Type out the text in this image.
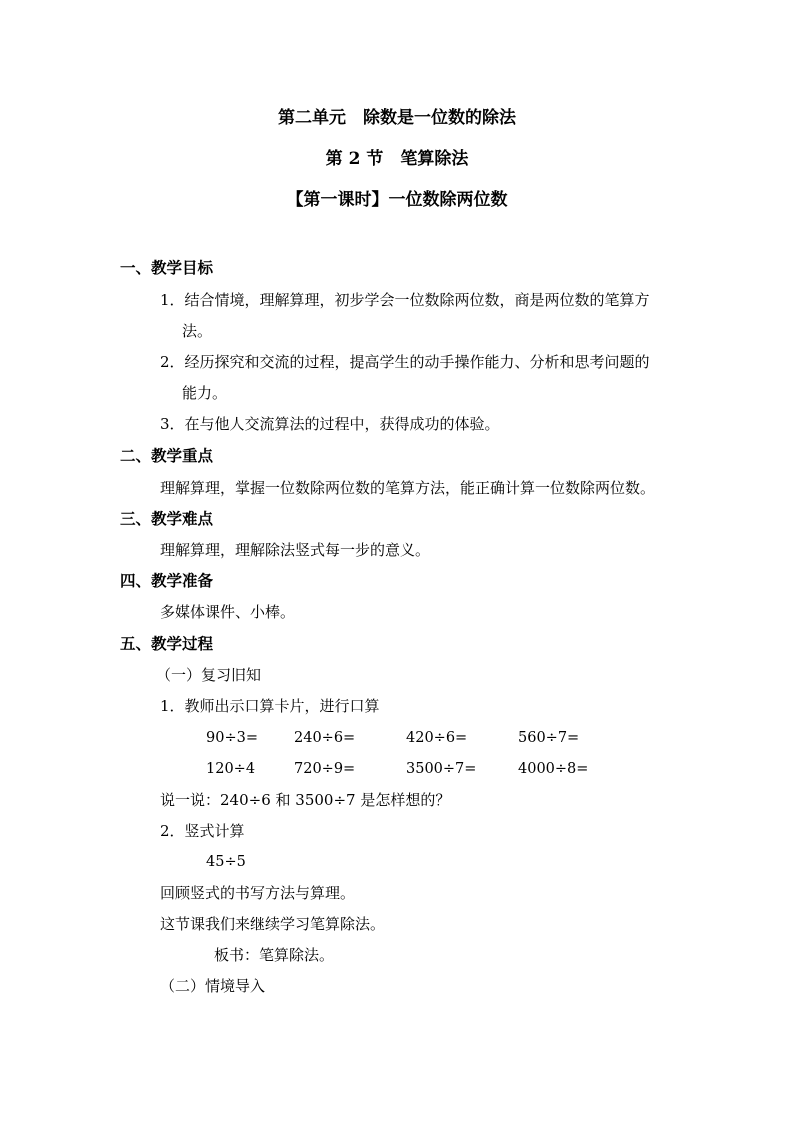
第二单元　除数是一位数的除法
第 2 节　笔算除法
【第一课时】一位数除两位数
一、教学目标
1．结合情境，理解算理，初步学会一位数除两位数，商是两位数的笔算方
法。
2．经历探究和交流的过程，提高学生的动手操作能力、分析和思考问题的
能力。
3．在与他人交流算法的过程中，获得成功的体验。
二、教学重点
理解算理，掌握一位数除两位数的笔算方法，能正确计算一位数除两位数。
三、教学难点
理解算理，理解除法竖式每一步的意义。
四、教学准备
多媒体课件、小棒。
五、教学过程
（一）复习旧知
1．教师出示口算卡片，进行口算
90÷3= 240÷6=	420÷6=	560÷7=
120÷4	720÷9=	3500÷7=	4000÷8=
说一说：240÷6 和 3500÷7 是怎样想的？
2．竖式计算
45÷5
回顾竖式的书写方法与算理。
这节课我们来继续学习笔算除法。
板书：笔算除法。
（二）情境导入
